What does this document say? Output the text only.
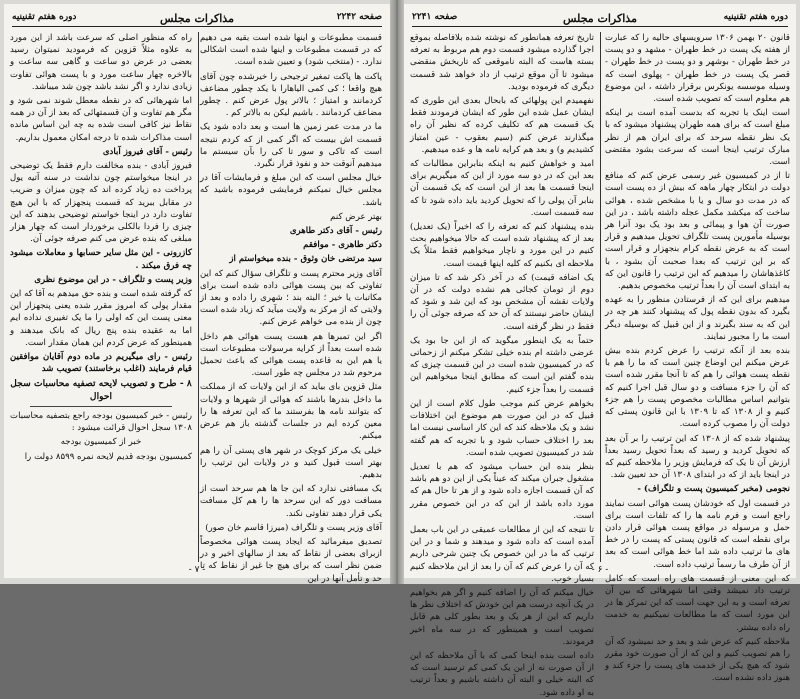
صفحه ۲۲۴۲
مذاکرات مجلس
دوره هفتم تقنینیه

قسمت مطبوعات و اینها شده است بقیه می دهیم که در قسمت مطبوعات و اینها شده است اشكالى ندارد. - (منتخب شود) و تعیین شده است.

پاکت ها پاکت تمغیر ترجیحی را خیرشده چون آقای هیچ واقعا ؛ کی کمی الیاهارا با یکد چطور مضاعف کردمانند و امتیاز ؛ بالاتر پول عرض کنم . چطور مضاعف کردمانند . باشیم لیکن به بالاتر کم .

ما در مدت عمر زمین ها است و بعد داده شود یک قسمت اش بیست که اگر کمی از که کردم نتیجه است که تاکی و سور تا کی را بآن سیستم ما میدهیم آنوقت حد و نفوذ قرار نگیرد.

خیال مجلس است که این مبلغ و فرمایشات آقا در مجلس خیال نمیکنم فرمایشی فرموده باشید که باشد.

بهتر عرض کنم

رئیس - آقای دکتر طاهری

دکتر طاهری - موافقم

سید مرتضی خان وثوق - بنده میخواستم از

آقای وزیر محترم پست و تلگراف سؤال کنم که این تفاوتی که بین پست هوائی داده شده است برای مکاتبات یا خیر ؛ البته بند ؛ شهری را داده و بعد از ولایتی که از مرکز به ولایت میآید که زیاد شده است چون از بنده می خواهم عرض کنم.

اگر این تمبرها هم هست پست هوائی هم داخل شده است بعداً از کرایه مرسولات مطبوعات است یا هم این به قاعده پست هوائی که باعث تحمیل مرحوم شد در مجلس چه طور است.

مثل قزوین بای بیاید که از این ولایات که از مملکت ما داخل بندرها باشند که هوائی از شهرها و ولایات که بتوانند نامه ها بفرستند ما که این تعرفه ها را معین کرده ایم در جلسات گذشته باز هم عرض میکنم.

خیلی یک مرکز کوچک در شهر های پستی آن را هم بهتر است قبول کنید و در ولایات این ترتیب را بدهیم.

یک مسافتی ندارد که این جا ها هم سرحد است از مسافت دور که این سرحد ها را هم کل مسافت یکی قرار دهند تفاوتی نکند.

آقای وزیر پست و تلگراف (میرزا قاسم خان صور)

تصدیق میفرمائید که ایجاد پست هوائی مخصوصاً ازبرای بعضی از نقاط که بعد از سالهای اخیر و در ضمن نظر است که برای هیچ جا غیر از نقاط که تا حد و تأمل آنها در این

راه که منظور اصلی که سرعت باشد از این مورد به علاوه مثلاً قزوین که فرمودید نمیتوان رسید بعضی در عرض دو ساعت و گاهی سه ساعت و بالاخره چهار ساعت مورد و با پست هوائی تفاوت زیادی ندارد و اگر نشد باشد چون شد میباشد.

اما شهرهائی که در نقطه معطل شوند نمی شود و مگر هم تفاوت و آن قسمتهائی که بعد از آن در همه نقاط نیز کافی است شده به چه این اساس مانده است مذاکرات شده تا درجه امکان معمول بداریم.

رئیس - آقای فیروز آبادی

فیروز آبادی - بنده مخالفت دارم فقط یک توضیحی در اینجا میخواستم چون نداشت در سنه آتیه یول پرداخت ده زیاد کرده اند که چون میزان و ضریب در مقابل ببرید که قسمت پنجهزار که با این هیچ تفاوت دارد در اینجا خواستم توضیحی بدهند که این چیزی را فردا بالکلی برخوردار است که چهار هزار مبلغی که بنده عرض می کنم صرفه جوئی آن.

کازرونی - این مثل سایر حسابها و معاملات میشود چه فرق میکند .

وزیر پست و تلگراف - در این موضوع نظری

که گرفته شده است و بنده حق میدهم به آقا که این مقدار پولی که امروز مقرر شده یعنی پنجهزار این معنی پست این که اولی را ما یک تغییری نداده ایم اما به عقیده بنده پنج ریال که بانک میدهند و همینطور که عرض کردم این همان مقدار است.

رئیس - رای میگیریم در ماده دوم آقایان موافقین قیام فرمایند (اغلب برخاستند) تصویب شد

۸ - طرح و تصویب لایحه تصفیه محاسبات سجل احوال

رئیس - خبر کمیسیون بودجه راجع بتصفیه محاسبات ۱۳۰۸ سجل احوال قرائت میشود :

خبر از کمیسیون بودجه

کمیسیون بودجه قدیم لایحه نمره ۸۵۹۹ دولت را

- ۷ -
دوره هفتم تقنینیه
مذاکرات مجلس
صفحه ۲۲۴۱

قانون ۲۰ بهمن ۱۳۰۶ سرویسهای حالیه را که عبارت از هفته یک پست در خط طهران - مشهد و دو پست در خط طهران - بوشهر و دو پست در خط طهران - قصر یک پست در خط طهران - پهلوی است که وسیله موسسه یونکرس برقرار داشته ، این موضوع هم معلوم است که تصویب شده است.

است اینک با تجربه که بدست آمده است بر اینکه مبلغ است که برای همه طهران پیشنهاد میشود که با یک نظر نقطه سرحد که برای ایران هم از نظر مبارک ترتیب اینجا است که سرعت بشود مقتضی است.

تا از در کمیسیون غیر رسمی عرض کنم که منافع دولت در ابتکار چهار ماهه که بیش از ده پست است که در مدت دو سال و یا با مشخص شده ، هوائی ساخت که میکشد مکمل عجله داشته باشد ، در این صورت آن هوا و پیمائی و بعد بود یک بود آنرا هر بوسیله مأمورین پست تلگراف تحویل میدهیم و قرار است که به عرض نقطه کرام بنجهزار و قرار است که بر این ترتیب که بعدا صحبت آن بشود ، با کاغذهاشان را میدهیم که این ترتیب را قانون این که به ابتدای است آن را بعداً ترتیب مخصوص بدهیم.

میدهیم برای این که از فرستادن منظور را به عهده بگیرد که بدون نقطه پول که پیشنهاد کنند هر چه در این که به سند بگیرند و از این قبیل که بوسیله دیگر است ما را مجبور نمایند.

بنده بعد از آنکه ترتیب را عرض کردم بنده بیش عرض میکنم این اوضاع چنین است که ما را هم با نقطه پست هوائی را هم که تا آنجا مقرر شده است که آن را جزء مسافت و دو سال قبل اجرا کنیم که بتوانیم اساس مطالبات مخصوص پست را هم جزء کنیم و از ۱۳۰۸ که تا ۱۳۰۹ با این قانون پستی که دولت آن را مصوب کرده است.

پیشنهاد شده که از ۱۳۰۸ که این ترتیب را بر آن بعد که تحویل کردید و رسید که بعداً تحویل رسید بعداً ارزش آن تا یک که فرمایش وزیر را ملاحظه کنیم که در اینجا باید از که در ابتدای ۱۳۰۸ آن حد تعیین شد.

نجومی (مخبر کمیسیون پست و تلگراف) -

در قسمت اول که خودشان پست هوائی است نمایند راجع است و فرم نامه ها را که تلفات است برای حمل و مرسوله در مواقع پست هوائی قرار دادن برای نقطه است که قانون پستی که پست را در خط های ما ترتیب داده شد اما خط هوائی است که بعد از آن طرف ما رسماً ترتیب داده است.

که این معنی از قسمت های راه است که کامل ترتیب داد نمیشد وقتی اما شهرهائی که بین آن تعرفه است و به این جهت است که این تمرکز ها در این مورد است که ما مطالعات نمیکنیم به خدمت راه داده بیشتر.

ملاحظه کنیم که عرض شد و بعد و حد نمیشود که آن را هم تصویب کنیم و این که از آن صورت خود مقرر شود که هیچ یکی از خدمت های پست را جزء کند و هنوز داده نشده است.

تاریخ تعرفه همانطور که نوشته شده بلافاصله بموقع اجرا گذارده میشود قسمت دوم هم مربوط به تعرفه بسته هاست که البته ناموقعی که تاریخش منقضی میشود تا آن موقع ترتیب از داد خواهد شد قسمت دیگری که فرموده بودید.

نفهمیدم این پولهائی که بابحال بعدی این طوری که ایشان عمل شده این طور که ایشان فرمودند فقط یک قسمت هم که تکلیف کرده که نظیر آن راه میگذارند عرض کنم (سیم بعقوب - عین امتیاز کشیدیم و) و بعد هم کرایه نامه ها و عده میدهیم.

امید و خواهش کنیم به اینکه بنابراین مطالبات که بعد این که در دو سه مورد از این که میگیریم برای اینجا قسمت ها بعد از این است که یک قسمت آن بنابر آن پولی را که تحویل کردید باید داده شود تا که سه قسمت است.

بنده پیشنهاد کنم که تعرفه را که اخیراً (یک تعدیل) بعد از که پیشنهاد شده است که حالا میخواهیم بحث کنیم در این مورد و ناچار میخواهیم فقط مثلاً یک ملاحظه ای بکنیم که کلیه اینها قیمت است.

یک اضافه قیمت) که در آخر ذکر شد که تا میزان دوم از تومان کجائی هم نشده دولت که در آن ولایات نقشه آن مشخص بود که این شد و شود که ایشان حاضر نیستند که آن حد که صرفه جوئی آن را فقط در نظر گرفته است.

حتماً به یک اینطور میگوید که از این جا بود یک عرضی داشته ام بنده خیلی تشکر میکنم از زحماتی که در کمیسیون شده است در این قسمت چیزی که بنده گفتم این است که مطابق اینجا میخواهیم این قسمت را بعداً جزء کنیم.

بخواهم عرض کنم موجب طول کلام است از این قبیل که در این صورت هم موضوع این اختلافات نشد و یک ملاحظه کند که این کار اساسی نیست اما بعد را اختلاف حساب شود و با تجربه که هم گفته شد در کمیسیون تصویب شده است.

بنظر بنده این حساب میشود که هم با تعدیل مشغول جبران میکند که عیناً یکی از این دو هم باشد که آن قسمت اجازه داده شود و از هر تا حال هم که مورد داده باشد از این که در این خصوص مقرر است.

تا نتیجه که این از مطالعات عمیقی در این باب بعمل آمده است که داده شود و میدهند و شما و در این ترتیب که ما در این خصوص یک چنین شرحی داریم که آن را عرض کنم که آن را بعد از این ملاحظه کنیم بسیار خوب.

خیال میکنم که آن را اضافه کنیم و اگر هم بخواهیم در یک آنچه درست هم این خودش که اختلاف نظر ها داریم که این از هر یک و بعد بطور کلی هم قابل تصویب است و همینطور که در سه ماه اخیر فرمودند.

داده است بنده اینجا کمی که با آن ملاحظه که این از آن صورت نه از این یک کمی کم ترسید است که که البته خیلی و البته آن داشته باشیم و بعداً ترتیب به او داده شود.

- ۶ -
